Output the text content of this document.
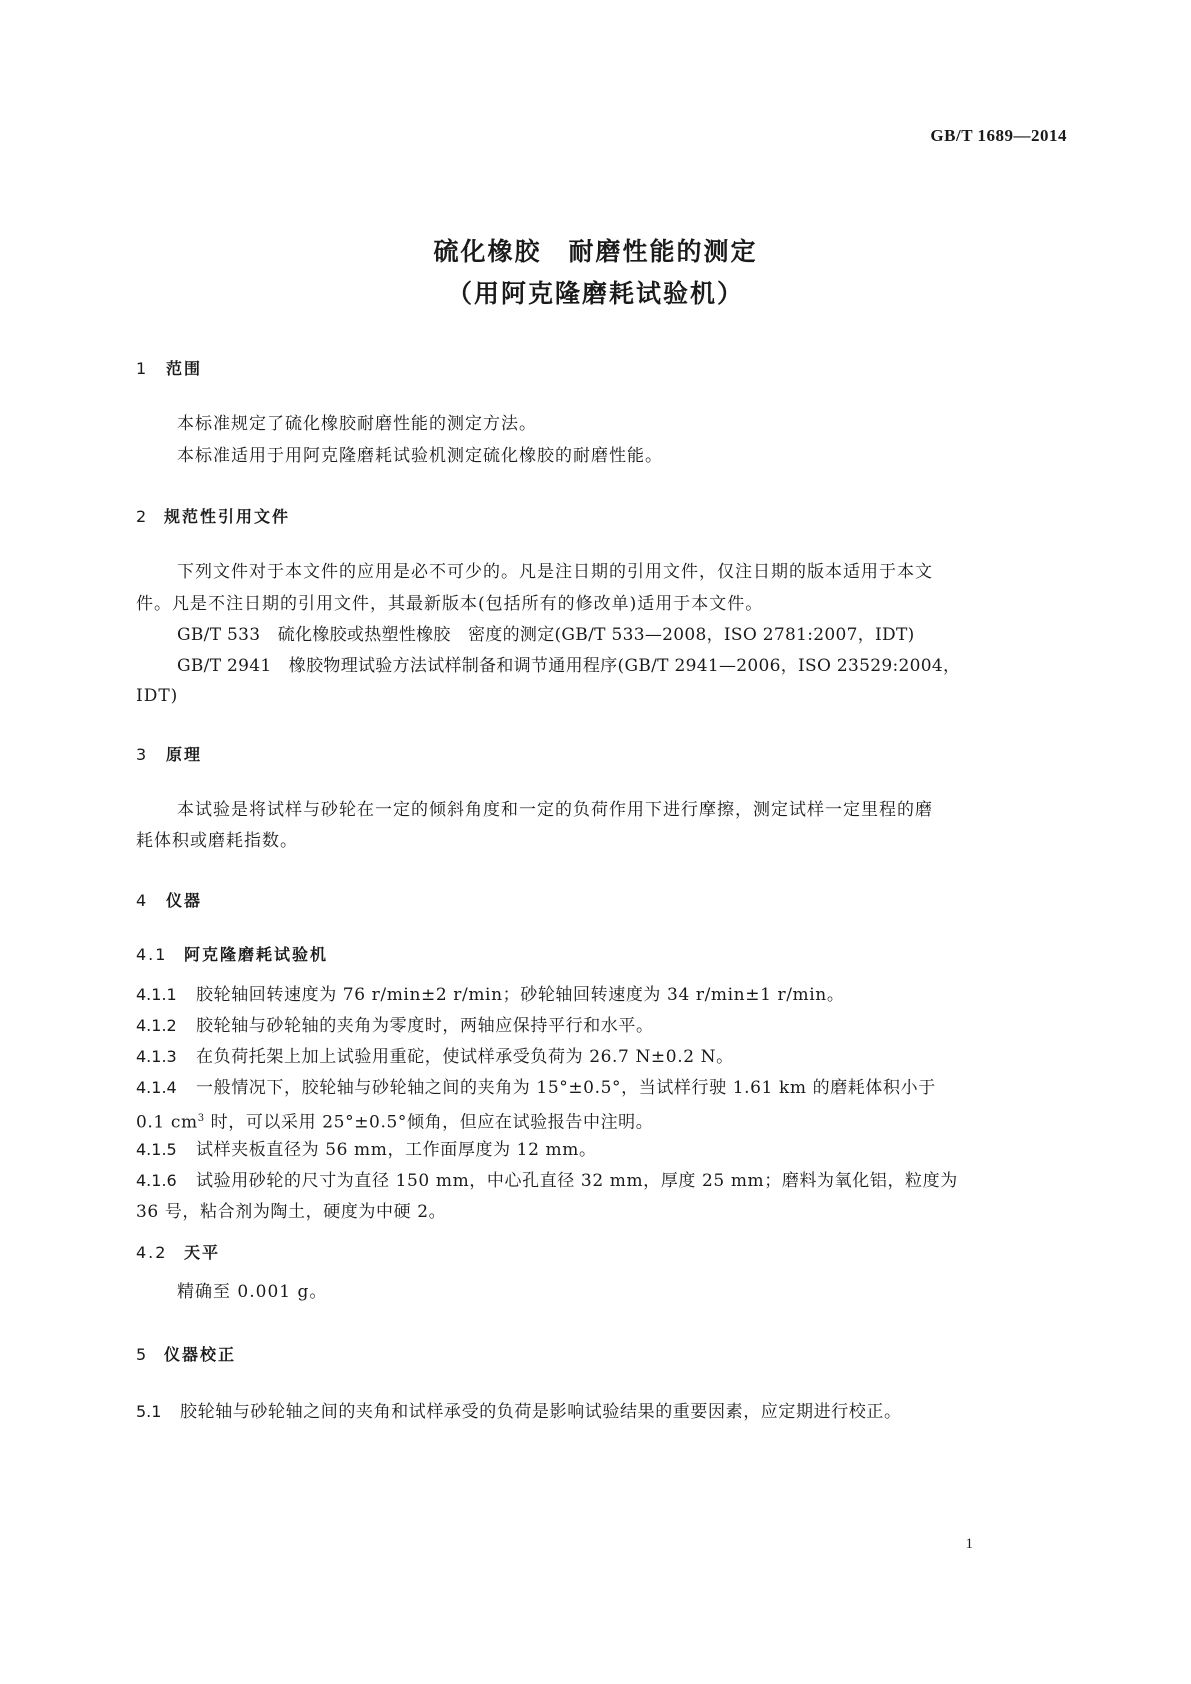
GB/T 1689—2014
硫化橡胶　耐磨性能的测定
（用阿克隆磨耗试验机）
1 范围
本标准规定了硫化橡胶耐磨性能的测定方法。
本标准适用于用阿克隆磨耗试验机测定硫化橡胶的耐磨性能。
2 规范性引用文件
下列文件对于本文件的应用是必不可少的。凡是注日期的引用文件，仅注日期的版本适用于本文
件。凡是不注日期的引用文件，其最新版本(包括所有的修改单)适用于本文件。
GB/T 533　硫化橡胶或热塑性橡胶　密度的测定(GB/T 533—2008，ISO 2781:2007，IDT)
GB/T 2941　橡胶物理试验方法试样制备和调节通用程序(GB/T 2941—2006，ISO 23529:2004，
IDT)
3 原理
本试验是将试样与砂轮在一定的倾斜角度和一定的负荷作用下进行摩擦，测定试样一定里程的磨
耗体积或磨耗指数。
4 仪器
4.1 阿克隆磨耗试验机
4.1.1 胶轮轴回转速度为 76 r/min±2 r/min；砂轮轴回转速度为 34 r/min±1 r/min。
4.1.2 胶轮轴与砂轮轴的夹角为零度时，两轴应保持平行和水平。
4.1.3 在负荷托架上加上试验用重砣，使试样承受负荷为 26.7 N±0.2 N。
4.1.4 一般情况下，胶轮轴与砂轮轴之间的夹角为 15°±0.5°，当试样行驶 1.61 km 的磨耗体积小于
0.1 $cm^3$ 时，可以采用 25°±0.5°倾角，但应在试验报告中注明。
4.1.5 试样夹板直径为 56 mm，工作面厚度为 12 mm。
4.1.6 试验用砂轮的尺寸为直径 150 mm，中心孔直径 32 mm，厚度 25 mm；磨料为氧化铝，粒度为
36 号，粘合剂为陶土，硬度为中硬 2。
4.2 天平
精确至 0.001 g。
5 仪器校正
5.1 胶轮轴与砂轮轴之间的夹角和试样承受的负荷是影响试验结果的重要因素，应定期进行校正。
1
